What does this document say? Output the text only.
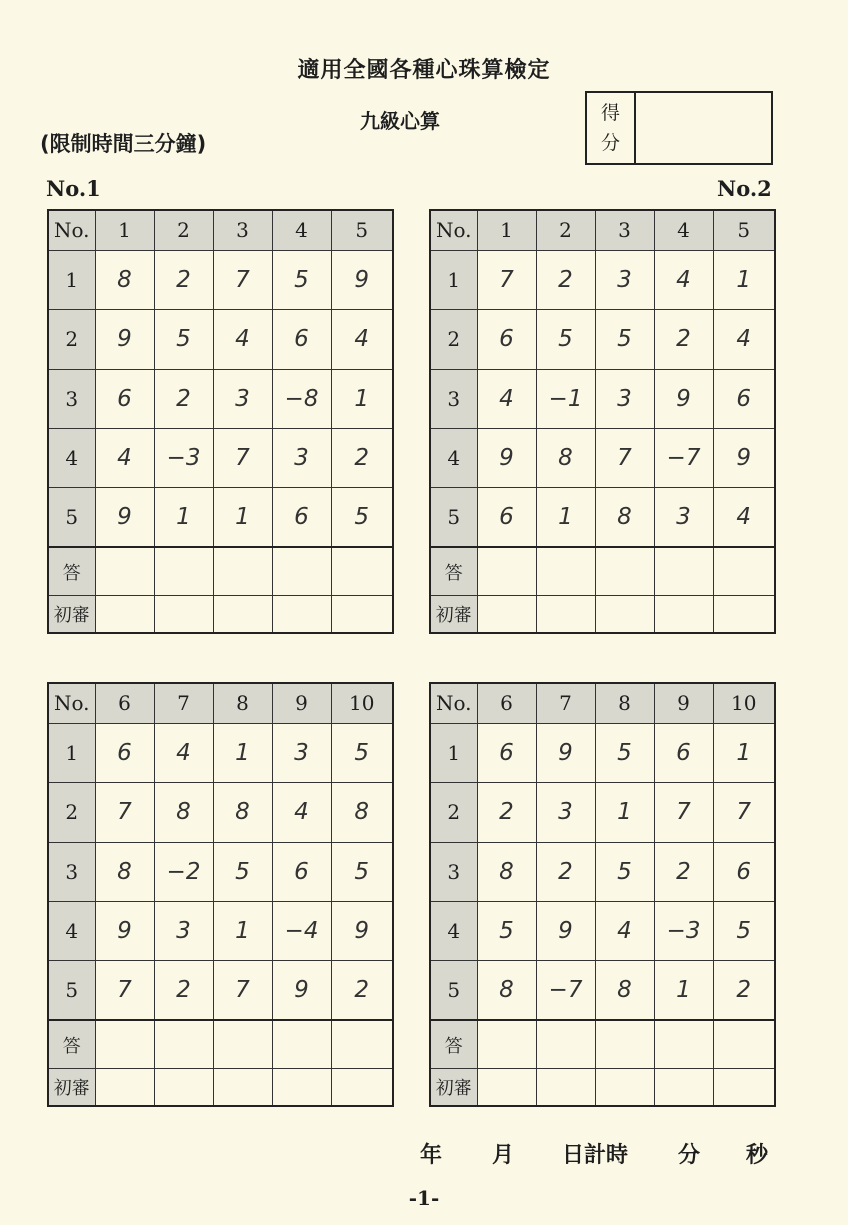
適用全國各種心珠算檢定
九級心算
(限制時間三分鐘)
得
分
No.1	No.2
No.	1	2	3	4	5
1	8	2	7	5	9
2	9	5	4	6	4
3	6	2	3	−8	1
4	4	−3	7	3	2
5	9	1	1	6	5
答					
初審					
No.	1	2	3	4	5
1	7	2	3	4	1
2	6	5	5	2	4
3	4	−1	3	9	6
4	9	8	7	−7	9
5	6	1	8	3	4
答					
初審					
No.	6	7	8	9	10
1	6	4	1	3	5
2	7	8	8	4	8
3	8	−2	5	6	5
4	9	3	1	−4	9
5	7	2	7	9	2
答					
初審					
No.	6	7	8	9	10
1	6	9	5	6	1
2	2	3	1	7	7
3	8	2	5	2	6
4	5	9	4	−3	5
5	8	−7	8	1	2
答					
初審					
年 月 日計時 分 秒
-1-
